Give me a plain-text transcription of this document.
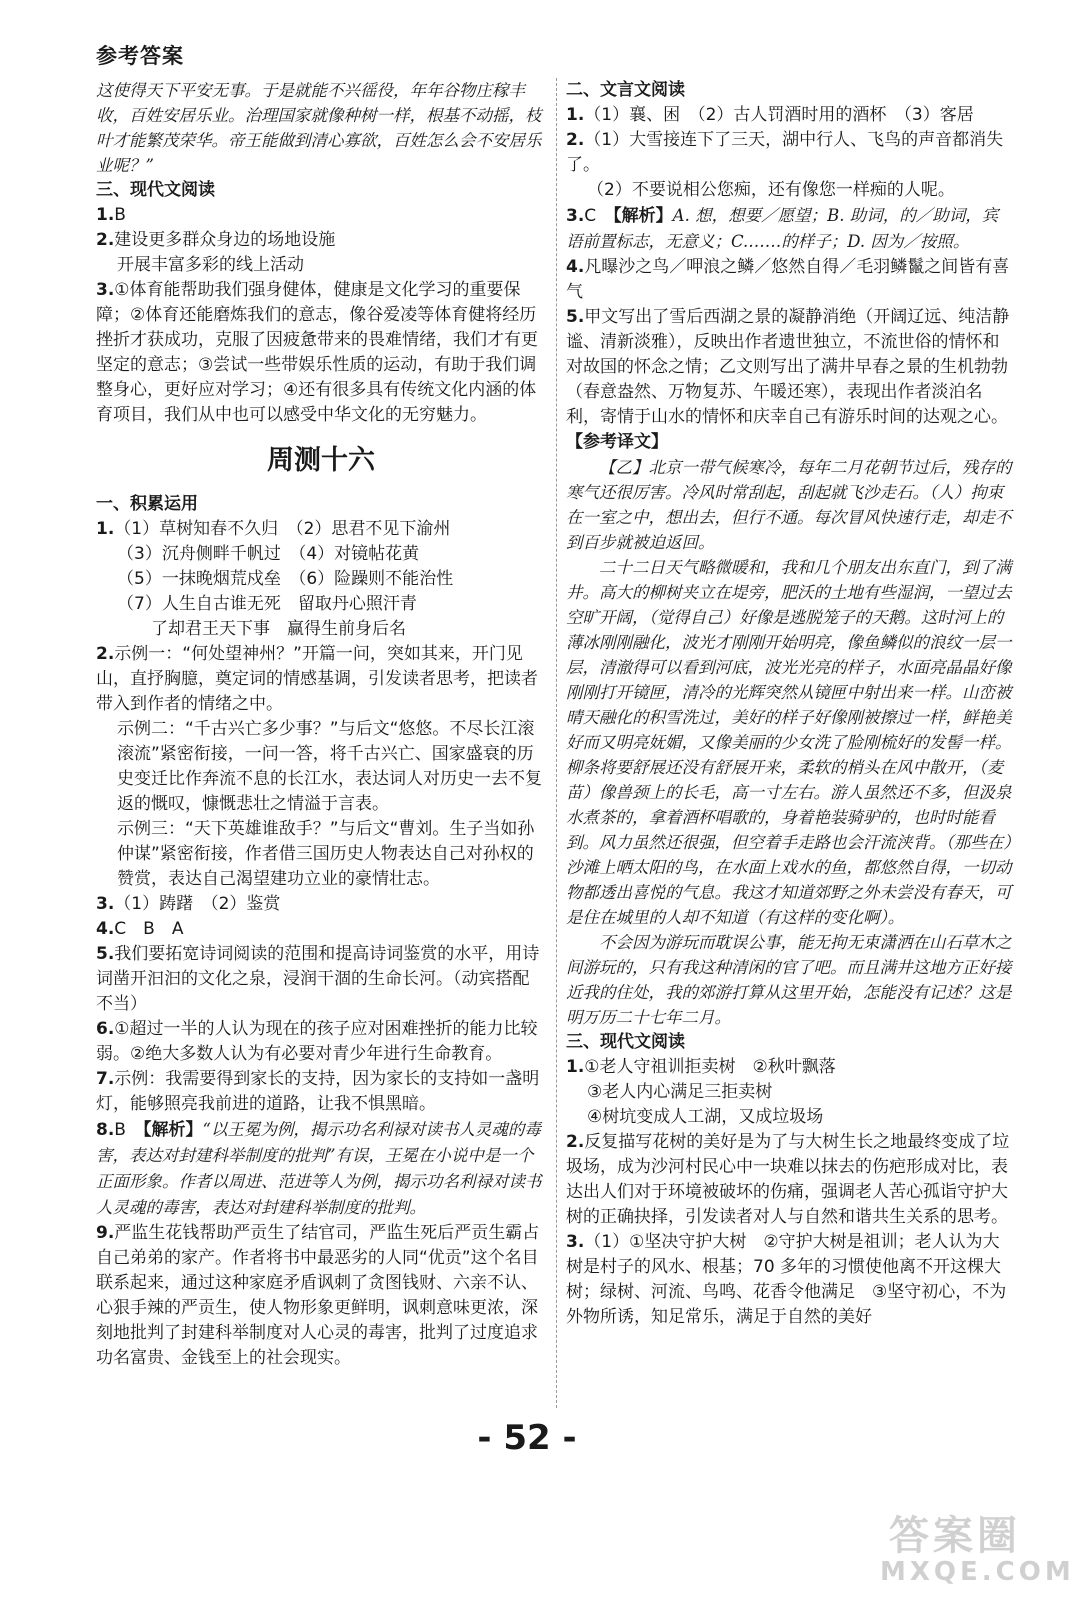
参考答案
这使得天下平安无事。于是就能不兴徭役，年年谷物庄稼丰收，百姓安居乐业。治理国家就像种树一样，根基不动摇，枝叶才能繁茂荣华。帝王能做到清心寡欲，百姓怎么会不安居乐业呢？”
三、现代文阅读
1.B
2.建设更多群众身边的场地设施
开展丰富多彩的线上活动
3.①体育能帮助我们强身健体，健康是文化学习的重要保障；②体育还能磨炼我们的意志，像谷爱凌等体育健将经历挫折才获成功，克服了因疲惫带来的畏难情绪，我们才有更坚定的意志；③尝试一些带娱乐性质的运动，有助于我们调整身心，更好应对学习；④还有很多具有传统文化内涵的体育项目，我们从中也可以感受中华文化的无穷魅力。
周测十六
一、积累运用
1.（1）草树知春不久归　（2）思君不见下渝州
（3）沉舟侧畔千帆过　（4）对镜帖花黄
（5）一抹晚烟荒戍垒　（6）险躁则不能治性
（7）人生自古谁无死　留取丹心照汗青
　　了却君王天下事　赢得生前身后名
2.示例一：“何处望神州？”开篇一问，突如其来，开门见山，直抒胸臆，奠定词的情感基调，引发读者思考，把读者带入到作者的情绪之中。
示例二：“千古兴亡多少事？”与后文“悠悠。不尽长江滚滚流”紧密衔接，一问一答，将千古兴亡、国家盛衰的历史变迁比作奔流不息的长江水，表达词人对历史一去不复返的慨叹，慷慨悲壮之情溢于言表。
示例三：“天下英雄谁敌手？”与后文“曹刘。生子当如孙仲谋”紧密衔接，作者借三国历史人物表达自己对孙权的赞赏，表达自己渴望建功立业的豪情壮志。
3.（1）踌躇　（2）鉴赏
4.C　B　A
5.我们要拓宽诗词阅读的范围和提高诗词鉴赏的水平，用诗词凿开汩汩的文化之泉，浸润干涸的生命长河。（动宾搭配不当）
6.①超过一半的人认为现在的孩子应对困难挫折的能力比较弱。②绝大多数人认为有必要对青少年进行生命教育。
7.示例：我需要得到家长的支持，因为家长的支持如一盏明灯，能够照亮我前进的道路，让我不惧黑暗。
8.B　【解析】“以王冕为例，揭示功名利禄对读书人灵魂的毒害，表达对封建科举制度的批判”有误，王冕在小说中是一个正面形象。作者以周进、范进等人为例，揭示功名利禄对读书人灵魂的毒害，表达对封建科举制度的批判。
9.严监生花钱帮助严贡生了结官司，严监生死后严贡生霸占自己弟弟的家产。作者将书中最恶劣的人同“优贡”这个名目联系起来，通过这种家庭矛盾讽刺了贪图钱财、六亲不认、心狠手辣的严贡生，使人物形象更鲜明，讽刺意味更浓，深刻地批判了封建科举制度对人心灵的毒害，批判了过度追求功名富贵、金钱至上的社会现实。
二、文言文阅读
1.（1）襄、困　（2）古人罚酒时用的酒杯　（3）客居
2.（1）大雪接连下了三天，湖中行人、飞鸟的声音都消失了。
（2）不要说相公您痴，还有像您一样痴的人呢。
3.C　【解析】A. 想，想要／愿望；B. 助词，的／助词，宾语前置标志，无意义；C.……的样子；D. 因为／按照。
4.凡曝沙之鸟／呷浪之鳞／悠然自得／毛羽鳞鬣之间皆有喜气
5.甲文写出了雪后西湖之景的凝静消绝（开阔辽远、纯洁静谧、清新淡雅），反映出作者遗世独立，不流世俗的情怀和对故国的怀念之情；乙文则写出了满井早春之景的生机勃勃（春意盎然、万物复苏、午暖还寒），表现出作者淡泊名利，寄情于山水的情怀和庆幸自己有游乐时间的达观之心。
【参考译文】
【乙】北京一带气候寒冷，每年二月花朝节过后，残存的寒气还很厉害。冷风时常刮起，刮起就飞沙走石。（人）拘束在一室之中，想出去，但行不通。每次冒风快速行走，却走不到百步就被迫返回。
二十二日天气略微暖和，我和几个朋友出东直门，到了满井。高大的柳树夹立在堤旁，肥沃的土地有些湿润，一望过去空旷开阔，（觉得自己）好像是逃脱笼子的天鹅。这时河上的薄冰刚刚融化，波光才刚刚开始明亮，像鱼鳞似的浪纹一层一层，清澈得可以看到河底，波光光亮的样子，水面亮晶晶好像刚刚打开镜匣，清冷的光辉突然从镜匣中射出来一样。山峦被晴天融化的积雪洗过，美好的样子好像刚被擦过一样，鲜艳美好而又明亮妩媚，又像美丽的少女洗了脸刚梳好的发髻一样。柳条将要舒展还没有舒展开来，柔软的梢头在风中散开，（麦苗）像兽颈上的长毛，高一寸左右。游人虽然还不多，但汲泉水煮茶的，拿着酒杯唱歌的，身着艳装骑驴的，也时时能看到。风力虽然还很强，但空着手走路也会汗流浃背。（那些在）沙滩上晒太阳的鸟，在水面上戏水的鱼，都悠然自得，一切动物都透出喜悦的气息。我这才知道郊野之外未尝没有春天，可是住在城里的人却不知道（有这样的变化啊）。
不会因为游玩而耽误公事，能无拘无束潇洒在山石草木之间游玩的，只有我这种清闲的官了吧。而且满井这地方正好接近我的住处，我的郊游打算从这里开始，怎能没有记述？这是明万历二十七年二月。
三、现代文阅读
1.①老人守祖训拒卖树　②秋叶飘落
③老人内心满足三拒卖树
④树坑变成人工湖，又成垃圾场
2.反复描写花树的美好是为了与大树生长之地最终变成了垃圾场，成为沙河村民心中一块难以抹去的伤疤形成对比，表达出人们对于环境被破坏的伤痛，强调老人苦心孤诣守护大树的正确抉择，引发读者对人与自然和谐共生关系的思考。
3.（1）①坚决守护大树　②守护大树是祖训；老人认为大树是村子的风水、根基；70 多年的习惯使他离不开这棵大树；绿树、河流、鸟鸣、花香令他满足　③坚守初心，不为外物所诱，知足常乐，满足于自然的美好
- 52 -
答案圈
MXQE.COM
